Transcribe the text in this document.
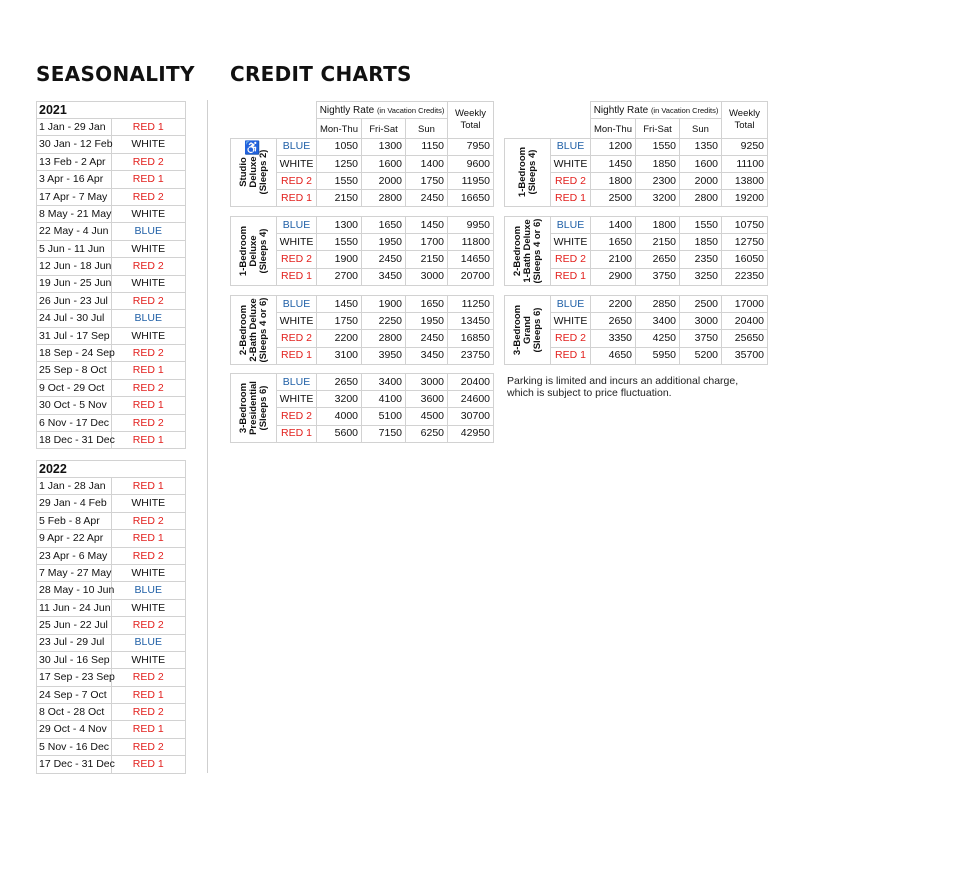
SEASONALITY CREDIT CHARTS
2021	
1 Jan - 29 Jan	RED 1
30 Jan - 12 Feb	WHITE
13 Feb - 2 Apr	RED 2
3 Apr - 16 Apr	RED 1
17 Apr - 7 May	RED 2
8 May - 21 May	WHITE
22 May - 4 Jun	BLUE
5 Jun - 11 Jun	WHITE
12 Jun - 18 Jun	RED 2
19 Jun - 25 Jun	WHITE
26 Jun - 23 Jul	RED 2
24 Jul - 30 Jul	BLUE
31 Jul - 17 Sep	WHITE
18 Sep - 24 Sep	RED 2
25 Sep - 8 Oct	RED 1
9 Oct - 29 Oct	RED 2
30 Oct - 5 Nov	RED 1
6 Nov - 17 Dec	RED 2
18 Dec - 31 Dec	RED 1
2022	
1 Jan - 28 Jan	RED 1
29 Jan - 4 Feb	WHITE
5 Feb - 8 Apr	RED 2
9 Apr - 22 Apr	RED 1
23 Apr - 6 May	RED 2
7 May - 27 May	WHITE
28 May - 10 Jun	BLUE
11 Jun - 24 Jun	WHITE
25 Jun - 22 Jul	RED 2
23 Jul - 29 Jul	BLUE
30 Jul - 16 Sep	WHITE
17 Sep - 23 Sep	RED 2
24 Sep - 7 Oct	RED 1
8 Oct - 28 Oct	RED 2
29 Oct - 4 Nov	RED 1
5 Nov - 16 Dec	RED 2
17 Dec - 31 Dec	RED 1
		Nightly Rate (in Vacation Credits)			Weekly
Total
		Mon-Thu	Fri-Sat	Sun	

♿
Studio
Deluxe
(Sleeps 2)	BLUE	1050	1300	1150	7950
	WHITE	1250	1600	1400	9600
	RED 2	1550	2000	1750	11950
	RED 1	2150	2800	2450	16650
1-Bedroom
Deluxe
(Sleeps 4)	BLUE	1300	1650	1450	9950
	WHITE	1550	1950	1700	11800
	RED 2	1900	2450	2150	14650
	RED 1	2700	3450	3000	20700
2-Bedroom
2-Bath Deluxe
(Sleeps 4 or 6)	BLUE	1450	1900	1650	11250
	WHITE	1750	2250	1950	13450
	RED 2	2200	2800	2450	16850
	RED 1	3100	3950	3450	23750
3-Bedroom
Presidential
(Sleeps 6)	BLUE	2650	3400	3000	20400
	WHITE	3200	4100	3600	24600
	RED 2	4000	5100	4500	30700
	RED 1	5600	7150	6250	42950
		Nightly Rate (in Vacation Credits)			Weekly
Total
		Mon-Thu	Fri-Sat	Sun	

1-Bedroom
(Sleeps 4)	BLUE	1200	1550	1350	9250
	WHITE	1450	1850	1600	11100
	RED 2	1800	2300	2000	13800
	RED 1	2500	3200	2800	19200
2-Bedroom
1-Bath Deluxe
(Sleeps 4 or 6)	BLUE	1400	1800	1550	10750
	WHITE	1650	2150	1850	12750
	RED 2	2100	2650	2350	16050
	RED 1	2900	3750	3250	22350
3-Bedroom
Grand
(Sleeps 6)	BLUE	2200	2850	2500	17000
	WHITE	2650	3400	3000	20400
	RED 2	3350	4250	3750	25650
	RED 1	4650	5950	5200	35700
Parking is limited and incurs an additional charge, which is subject to price fluctuation.
